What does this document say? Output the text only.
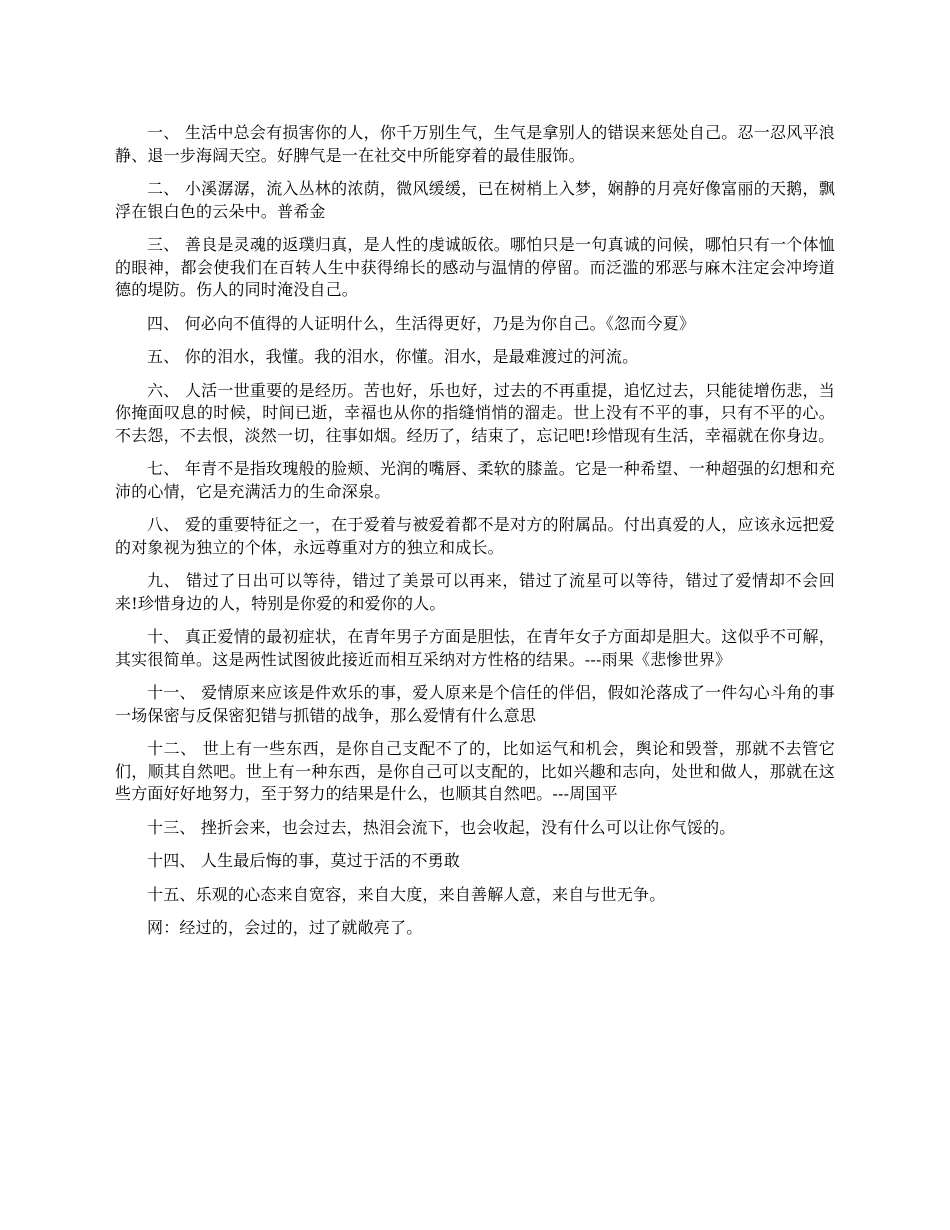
一、 生活中总会有损害你的人，你千万别生气，生气是拿别人的错误来惩处自己。忍一忍风平浪静、退一步海阔天空。好脾气是一在社交中所能穿着的最佳服饰。

二、 小溪潺潺，流入丛林的浓荫，微风缓缓，已在树梢上入梦，娴静的月亮好像富丽的天鹅，飘浮在银白色的云朵中。普希金

三、 善良是灵魂的返璞归真，是人性的虔诚皈依。哪怕只是一句真诚的问候，哪怕只有一个体恤的眼神，都会使我们在百转人生中获得绵长的感动与温情的停留。而泛滥的邪恶与麻木注定会冲垮道德的堤防。伤人的同时淹没自己。

四、 何必向不值得的人证明什么，生活得更好，乃是为你自己。《忽而今夏》

五、 你的泪水，我懂。我的泪水，你懂。泪水，是最难渡过的河流。

六、 人活一世重要的是经历。苦也好，乐也好，过去的不再重提，追忆过去，只能徒增伤悲，当你掩面叹息的时候，时间已逝，幸福也从你的指缝悄悄的溜走。世上没有不平的事，只有不平的心。不去怨，不去恨，淡然一切，往事如烟。经历了，结束了，忘记吧!珍惜现有生活，幸福就在你身边。

七、 年青不是指玫瑰般的脸颊、光润的嘴唇、柔软的膝盖。它是一种希望、一种超强的幻想和充沛的心情，它是充满活力的生命深泉。

八、 爱的重要特征之一，在于爱着与被爱着都不是对方的附属品。付出真爱的人，应该永远把爱的对象视为独立的个体，永远尊重对方的独立和成长。

九、 错过了日出可以等待，错过了美景可以再来，错过了流星可以等待，错过了爱情却不会回来!珍惜身边的人，特别是你爱的和爱你的人。

十、 真正爱情的最初症状，在青年男子方面是胆怯，在青年女子方面却是胆大。这似乎不可解，其实很简单。这是两性试图彼此接近而相互采纳对方性格的结果。---雨果《悲惨世界》

十一、 爱情原来应该是件欢乐的事，爱人原来是个信任的伴侣，假如沦落成了一件勾心斗角的事一场保密与反保密犯错与抓错的战争，那么爱情有什么意思

十二、 世上有一些东西，是你自己支配不了的，比如运气和机会，舆论和毁誉，那就不去管它们，顺其自然吧。世上有一种东西，是你自己可以支配的，比如兴趣和志向，处世和做人，那就在这些方面好好地努力，至于努力的结果是什么，也顺其自然吧。---周国平

十三、 挫折会来，也会过去，热泪会流下，也会收起，没有什么可以让你气馁的。

十四、 人生最后悔的事，莫过于活的不勇敢

十五、乐观的心态来自宽容，来自大度，来自善解人意，来自与世无争。

网：经过的，会过的，过了就敞亮了。
